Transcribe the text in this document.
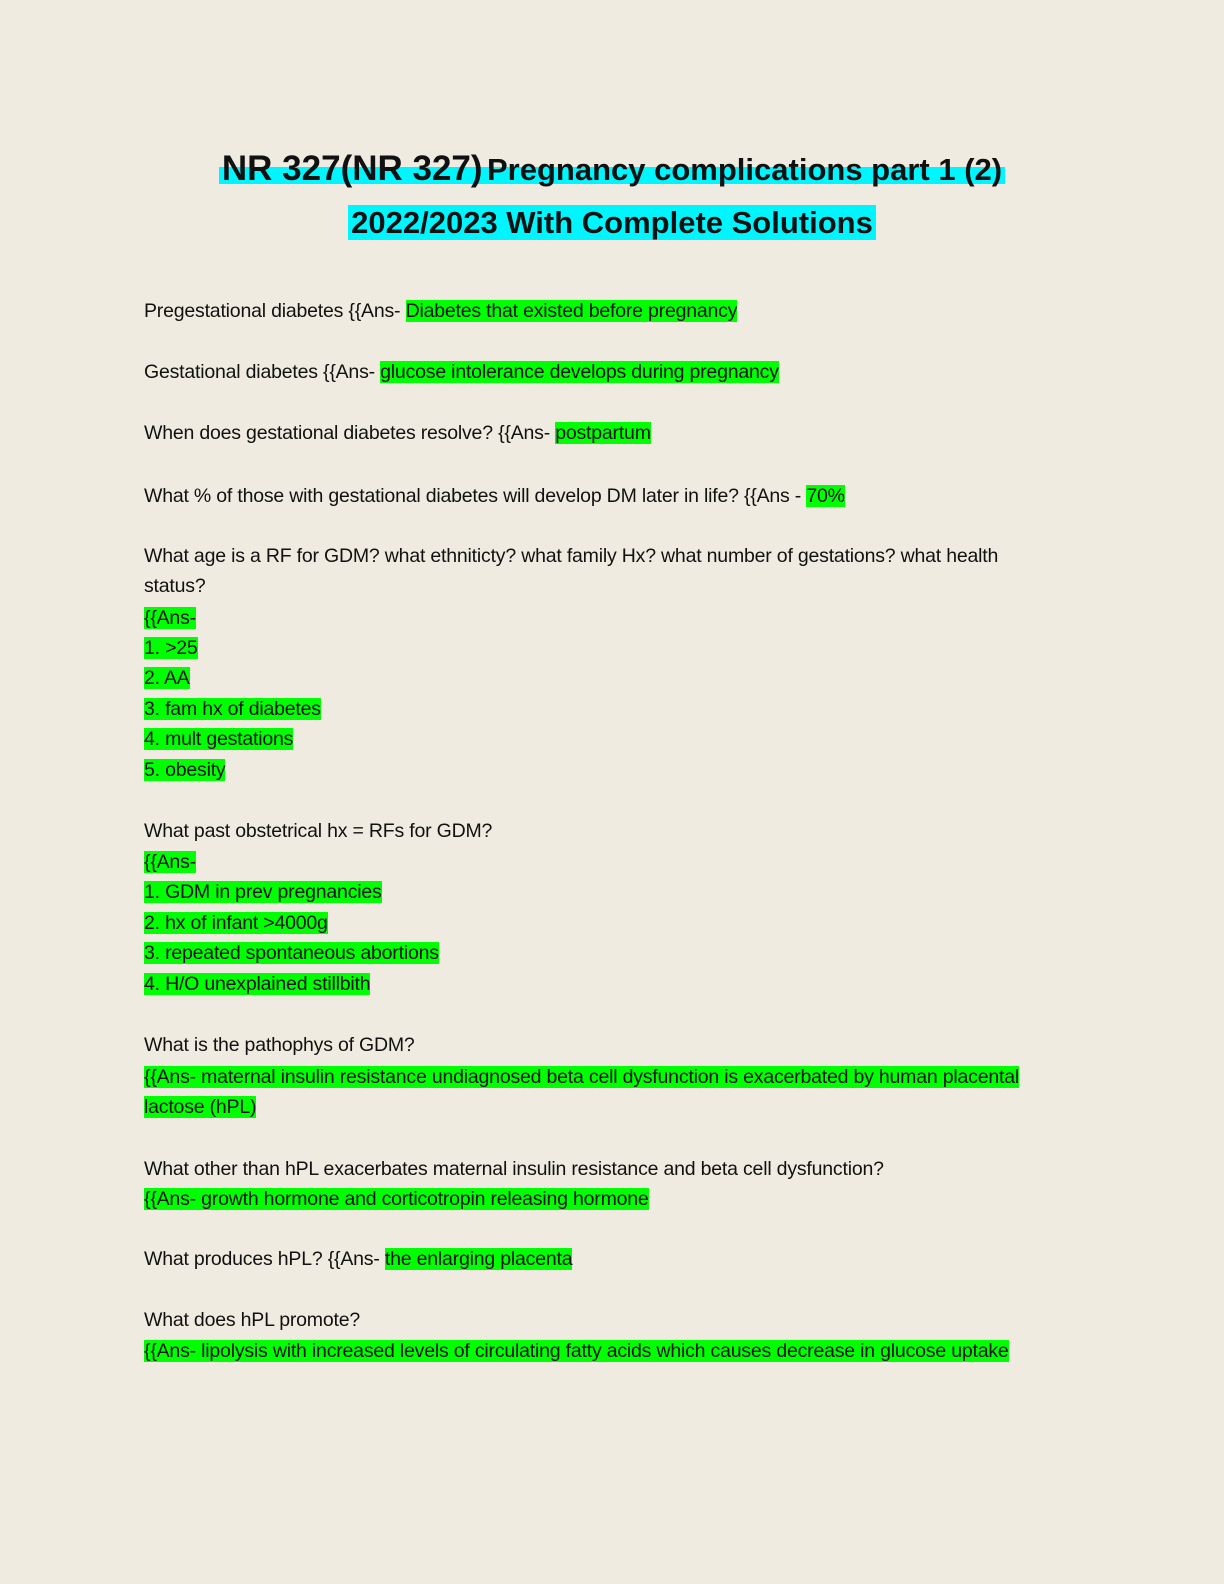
NR 327(NR 327) Pregnancy complications part 1 (2)
2022/2023 With Complete Solutions
Pregestational diabetes {{Ans- Diabetes that existed before pregnancy
Gestational diabetes {{Ans- glucose intolerance develops during pregnancy
When does gestational diabetes resolve? {{Ans- postpartum
What % of those with gestational diabetes will develop DM later in life? {{Ans - 70%
What age is a RF for GDM? what ethniticty? what family Hx? what number of gestations? what health
status?
{{Ans-
1. >25
2. AA
3. fam hx of diabetes
4. mult gestations
5. obesity
What past obstetrical hx = RFs for GDM?
{{Ans-
1. GDM in prev pregnancies
2. hx of infant >4000g
3. repeated spontaneous abortions
4. H/O unexplained stillbith
What is the pathophys of GDM?
{{Ans- maternal insulin resistance undiagnosed beta cell dysfunction is exacerbated by human placental
lactose (hPL)
What other than hPL exacerbates maternal insulin resistance and beta cell dysfunction?
{{Ans- growth hormone and corticotropin releasing hormone
What produces hPL? {{Ans- the enlarging placenta
What does hPL promote?
{{Ans- lipolysis with increased levels of circulating fatty acids which causes decrease in glucose uptake
